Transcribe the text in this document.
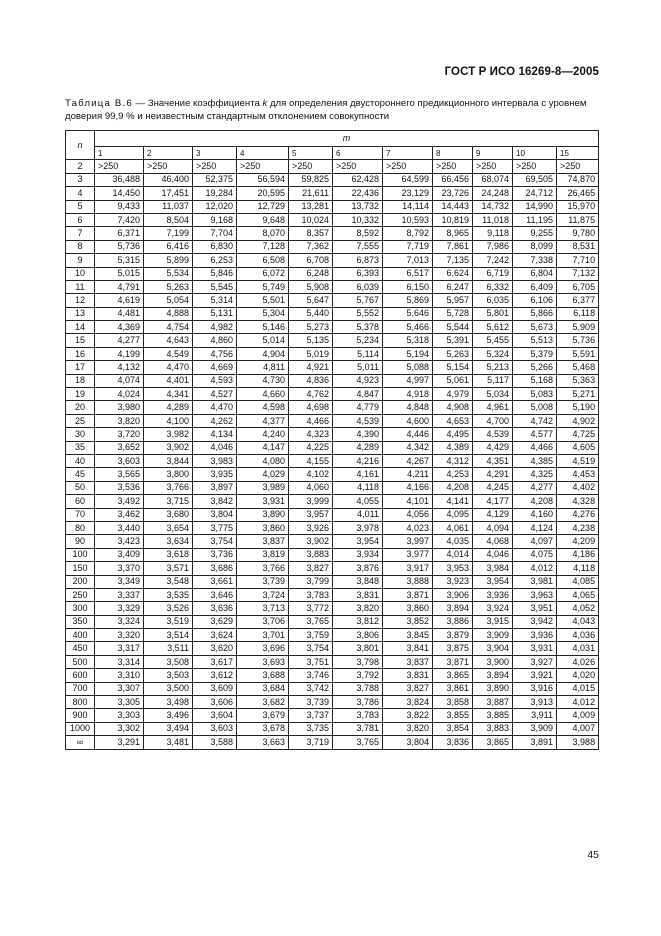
ГОСТ Р ИСО 16269-8—2005
Таблица В.6 — Значение коэффициента k для определения двустороннего предикционного интервала с уровнем доверия 99,9 % и неизвестным стандартным отклонением совокупности
n	m										
	1	2	3	4	5	6	7	8	9	10	15
2	>250	>250	>250	>250	>250	>250	>250	>250	>250	>250	>250
3	36,488	46,400	52,375	56,594	59,825	62,428	64,599	66,456	68,074	69,505	74,870
4	14,450	17,451	19,284	20,595	21,611	22,436	23,129	23,726	24,248	24,712	26,465
5	9,433	11,037	12,020	12,729	13,281	13,732	14,114	14,443	14,732	14,990	15,970
6	7,420	8,504	9,168	9,648	10,024	10,332	10,593	10,819	11,018	11,195	11,875
7	6,371	7,199	7,704	8,070	8,357	8,592	8,792	8,965	9,118	9,255	9,780
8	5,736	6,416	6,830	7,128	7,362	7,555	7,719	7,861	7,986	8,099	8,531
9	5,315	5,899	6,253	6,508	6,708	6,873	7,013	7,135	7,242	7,338	7,710
10	5,015	5,534	5,846	6,072	6,248	6,393	6,517	6,624	6,719	6,804	7,132
11	4,791	5,263	5,545	5,749	5,908	6,039	6,150	6,247	6,332	6,409	6,705
12	4,619	5,054	5,314	5,501	5,647	5,767	5,869	5,957	6,035	6,106	6,377
13	4,481	4,888	5,131	5,304	5,440	5,552	5,646	5,728	5,801	5,866	6,118
14	4,369	4,754	4,982	5,146	5,273	5,378	5,466	5,544	5,612	5,673	5,909
15	4,277	4,643	4,860	5,014	5,135	5,234	5,318	5,391	5,455	5,513	5,736
16	4,199	4,549	4,756	4,904	5,019	5,114	5,194	5,263	5,324	5,379	5,591
17	4,132	4,470	4,669	4,811	4,921	5,011	5,088	5,154	5,213	5,266	5,468
18	4,074	4,401	4,593	4,730	4,836	4,923	4,997	5,061	5,117	5,168	5,363
19	4,024	4,341	4,527	4,660	4,762	4,847	4,918	4,979	5,034	5,083	5,271
20	3,980	4,289	4,470	4,598	4,698	4,779	4,848	4,908	4,961	5,008	5,190
25	3,820	4,100	4,262	4,377	4,466	4,539	4,600	4,653	4,700	4,742	4,902
30	3,720	3,982	4,134	4,240	4,323	4,390	4,446	4,495	4,539	4,577	4,725
35	3,652	3,902	4,046	4,147	4,225	4,289	4,342	4,389	4,429	4,466	4,605
40	3,603	3,844	3,983	4,080	4,155	4,216	4,267	4,312	4,351	4,385	4,519
45	3,565	3,800	3,935	4,029	4,102	4,161	4,211	4,253	4,291	4,325	4,453
50	3,536	3,766	3,897	3,989	4,060	4,118	4,166	4,208	4,245	4,277	4,402
60	3,492	3,715	3,842	3,931	3,999	4,055	4,101	4,141	4,177	4,208	4,328
70	3,462	3,680	3,804	3,890	3,957	4,011	4,056	4,095	4,129	4,160	4,276
80	3,440	3,654	3,775	3,860	3,926	3,978	4,023	4,061	4,094	4,124	4,238
90	3,423	3,634	3,754	3,837	3,902	3,954	3,997	4,035	4,068	4,097	4,209
100	3,409	3,618	3,736	3,819	3,883	3,934	3,977	4,014	4,046	4,075	4,186
150	3,370	3,571	3,686	3,766	3,827	3,876	3,917	3,953	3,984	4,012	4,118
200	3,349	3,548	3,661	3,739	3,799	3,848	3,888	3,923	3,954	3,981	4,085
250	3,337	3,535	3,646	3,724	3,783	3,831	3,871	3,906	3,936	3,963	4,065
300	3,329	3,526	3,636	3,713	3,772	3,820	3,860	3,894	3,924	3,951	4,052
350	3,324	3,519	3,629	3,706	3,765	3,812	3,852	3,886	3,915	3,942	4,043
400	3,320	3,514	3,624	3,701	3,759	3,806	3,845	3,879	3,909	3,936	4,036
450	3,317	3,511	3,620	3,696	3,754	3,801	3,841	3,875	3,904	3,931	4,031
500	3,314	3,508	3,617	3,693	3,751	3,798	3,837	3,871	3,900	3,927	4,026
600	3,310	3,503	3,612	3,688	3,746	3,792	3,831	3,865	3,894	3,921	4,020
700	3,307	3,500	3,609	3,684	3,742	3,788	3,827	3,861	3,890	3,916	4,015
800	3,305	3,498	3,606	3,682	3,739	3,786	3,824	3,858	3,887	3,913	4,012
900	3,303	3,496	3,604	3,679	3,737	3,783	3,822	3,855	3,885	3,911	4,009
1000	3,302	3,494	3,603	3,678	3,735	3,781	3,820	3,854	3,883	3,909	4,007
∞	3,291	3,481	3,588	3,663	3,719	3,765	3,804	3,836	3,865	3,891	3,988
45
